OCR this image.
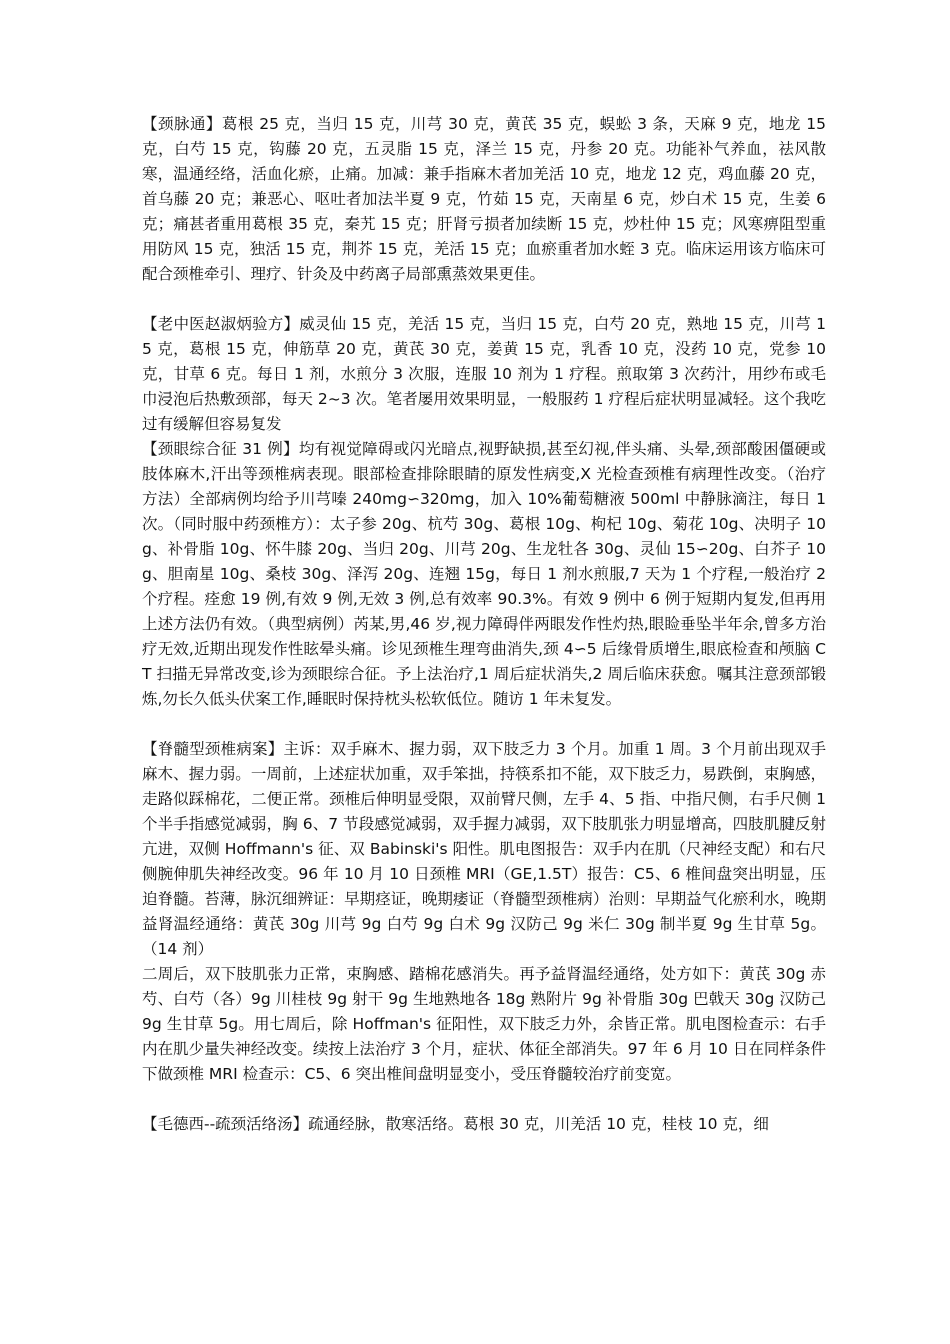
【颈脉通】葛根 25 克，当归 15 克，川芎 30 克，黄芪 35 克，蜈蚣 3 条，天麻 9 克，地龙 15 克，白芍 15 克，钩藤 20 克，五灵脂 15 克，泽兰 15 克，丹参 20 克。功能补气养血，祛风散寒，温通经络，活血化瘀，止痛。加减：兼手指麻木者加羌活 10 克，地龙 12 克，鸡血藤 20 克，首乌藤 20 克；兼恶心、呕吐者加法半夏 9 克，竹茹 15 克，天南星 6 克，炒白术 15 克，生姜 6 克；痛甚者重用葛根 35 克，秦艽 15 克；肝肾亏损者加续断 15 克，炒杜仲 15 克；风寒痹阻型重用防风 15 克，独活 15 克，荆芥 15 克，羌活 15 克；血瘀重者加水蛭 3 克。临床运用该方临床可配合颈椎牵引、理疗、针灸及中药离子局部熏蒸效果更佳。

【老中医赵淑炳验方】威灵仙 15 克，羌活 15 克，当归 15 克，白芍 20 克，熟地 15 克，川芎 15 克，葛根 15 克，伸筋草 20 克，黄芪 30 克，姜黄 15 克，乳香 10 克，没药 10 克，党参 10 克，甘草 6 克。每日 1 剂，水煎分 3 次服，连服 10 剂为 1 疗程。煎取第 3 次药汁，用纱布或毛巾浸泡后热敷颈部，每天 2~3 次。笔者屡用效果明显，一般服药 1 疗程后症状明显减轻。这个我吃过有缓解但容易复发

【颈眼综合征 31 例】均有视觉障碍或闪光暗点,视野缺损,甚至幻视,伴头痛、头晕,颈部酸困僵硬或肢体麻木,汗出等颈椎病表现。眼部检查排除眼睛的原发性病变,X 光检查颈椎有病理性改变。（治疗方法）全部病例均给予川芎嗪 240mg∽320mg，加入 10%葡萄糖液 500ml 中静脉滴注，每日 1 次。（同时服中药颈椎方）：太子参 20g、杭芍 30g、葛根 10g、枸杞 10g、菊花 10g、决明子 10g、补骨脂 10g、怀牛膝 20g、当归 20g、川芎 20g、生龙牡各 30g、灵仙 15∽20g、白芥子 10g、胆南星 10g、桑枝 30g、泽泻 20g、连翘 15g，每日 1 剂水煎服,7 天为 1 个疗程,一般治疗 2 个疗程。痊愈 19 例,有效 9 例,无效 3 例,总有效率 90.3%。有效 9 例中 6 例于短期内复发,但再用上述方法仍有效。（典型病例）芮某,男,46 岁,视力障碍伴两眼发作性灼热,眼睑垂坠半年余,曾多方治疗无效,近期出现发作性眩晕头痛。诊见颈椎生理弯曲消失,颈 4∽5 后缘骨质增生,眼底检查和颅脑 CT 扫描无异常改变,诊为颈眼综合征。予上法治疗,1 周后症状消失,2 周后临床获愈。嘱其注意颈部锻炼,勿长久低头伏案工作,睡眠时保持枕头松软低位。随访 1 年未复发。

【脊髓型颈椎病案】主诉：双手麻木、握力弱，双下肢乏力 3 个月。加重 1 周。3 个月前出现双手麻木、握力弱。一周前，上述症状加重，双手笨拙，持筷系扣不能，双下肢乏力，易跌倒，束胸感，走路似踩棉花，二便正常。颈椎后伸明显受限，双前臂尺侧，左手 4、5 指、中指尺侧，右手尺侧 1 个半手指感觉减弱，胸 6、7 节段感觉减弱，双手握力减弱，双下肢肌张力明显增高，四肢肌腱反射亢进，双侧 Hoffmann's 征、双 Babinski's 阳性。肌电图报告：双手内在肌（尺神经支配）和右尺侧腕伸肌失神经改变。96 年 10 月 10 日颈椎 MRI（GE,1.5T）报告：C5、6 椎间盘突出明显，压迫脊髓。苔薄，脉沉细辨证：早期痉证，晚期痿证（脊髓型颈椎病）治则：早期益气化瘀利水，晚期益肾温经通络：黄芪 30g 川芎 9g 白芍 9g 白术 9g 汉防己 9g 米仁 30g 制半夏 9g 生甘草 5g。（14 剂）

二周后，双下肢肌张力正常，束胸感、踏棉花感消失。再予益肾温经通络，处方如下：黄芪 30g 赤芍、白芍（各）9g 川桂枝 9g 射干 9g 生地熟地各 18g 熟附片 9g 补骨脂 30g 巴戟天 30g 汉防己 9g 生甘草 5g。用七周后，除 Hoffman's 征阳性，双下肢乏力外，余皆正常。肌电图检查示：右手内在肌少量失神经改变。续按上法治疗 3 个月，症状、体征全部消失。97 年 6 月 10 日在同样条件下做颈椎 MRI 检查示：C5、6 突出椎间盘明显变小，受压脊髓较治疗前变宽。

【毛德西--疏颈活络汤】疏通经脉，散寒活络。葛根 30 克，川羌活 10 克，桂枝 10 克，细
